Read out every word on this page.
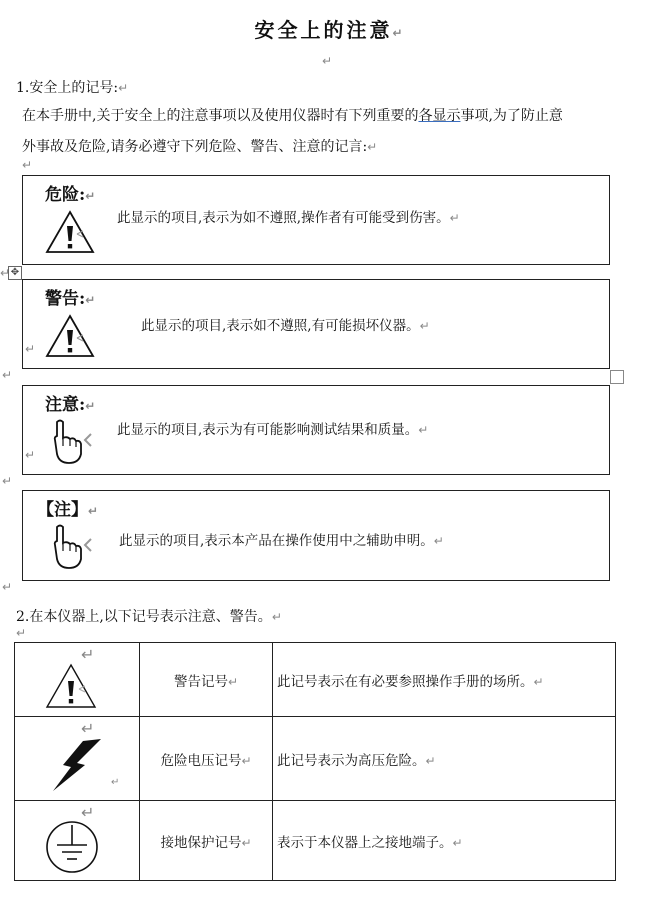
安全上的注意↵
↵
1.安全上的记号:↵
在本手册中,关于安全上的注意事项以及使用仪器时有下列重要的各显示事项,为了防止意
外事故及危险,请务必遵守下列危险、警告、注意的记言:↵
↵
危险:↵
此显示的项目,表示为如不遵照,操作者有可能受到伤害。↵
警告:↵
此显示的项目,表示如不遵照,有可能损坏仪器。↵
↵
✥
↵
↵
注意:↵
此显示的项目,表示为有可能影响测试结果和质量。↵
↵
↵
【注】↵
此显示的项目,表示本产品在操作使用中之辅助申明。↵
↵
2.在本仪器上,以下记号表示注意、警告。↵
↵
↵	警告记号↵	此记号表示在有必要参照操作手册的场所。↵

↵
↵	危险电压记号↵	此记号表示为高压危险。↵

↵	接地保护记号↵	表示于本仪器上之接地端子。↵
